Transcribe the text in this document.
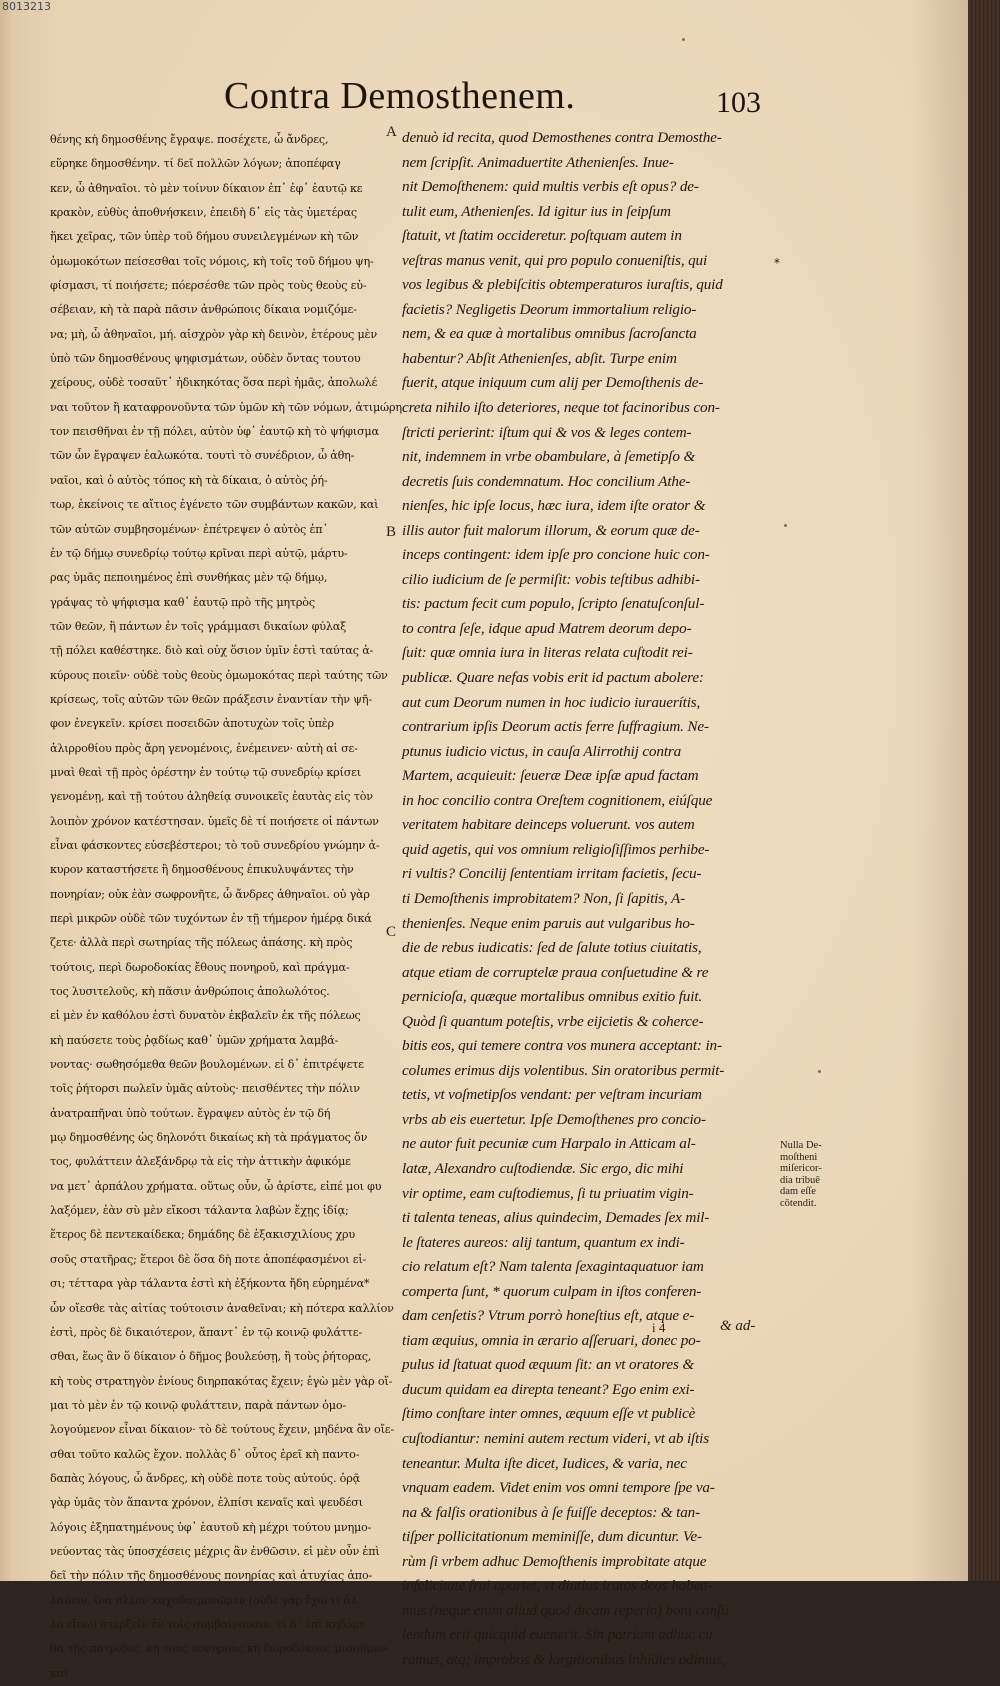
8013213
Contra Demosthenem.	103
θένης κὴ δημοσθένης ἔγραψε. ποσέχετε, ὦ ἄνδρες,
εὕρηκε δημοσθένην. τί δεῖ πολλῶν λόγων; ἀποπέφαγ
κεν, ὦ ἀθηναῖοι. τὸ μὲν τοίνυν δίκαιον ἐπ᾽ ἐφ᾽ ἑαυτῷ κε
κρακὸν, εὐθὺς ἀποθνήσκειν, ἐπειδὴ δ᾽ εἰς τὰς ὑμετέρας
ἥκει χεῖρας, τῶν ὑπὲρ τοῦ δήμου συνειλεγμένων κὴ τῶν
ὁμωμοκότων πείσεσθαι τοῖς νόμοις, κὴ τοῖς τοῦ δήμου ψη-
φίσμασι, τί ποιήσετε; πόερσέσθε τῶν πρὸς τοὺς θεοὺς εὐ-
σέβειαν, κὴ τὰ παρὰ πᾶσιν ἀνθρώποις δίκαια νομιζόμε-
να; μὴ, ὦ ἀθηναῖοι, μή. αἰσχρὸν γὰρ κὴ δεινὸν, ἑτέρους μὲν
ὑπὸ τῶν δημοσθένους ψηφισμάτων, οὐδὲν ὄντας τουτου
χείρους, οὐδὲ τοσαῦτ᾽ ἠδικηκότας ὅσα περὶ ἡμᾶς, ἀπολωλέ
ναι τοῦτον ἢ καταφρονοῦντα τῶν ὑμῶν κὴ τῶν νόμων, ἀτιμώρη
τον πεισθῆναι ἐν τῇ πόλει, αὐτὸν ὑφ᾽ ἑαυτῷ κὴ τὸ ψήφισμα
τῶν ὧν ἔγραψεν ἑαλωκότα. τουτὶ τὸ συνέδριον, ὦ ἀθη-
ναῖοι, καὶ ὁ αὐτὸς τόπος κὴ τὰ δίκαια, ὁ αὐτὸς ῥή-
τωρ, ἐκείνοις τε αἴτιος ἐγένετο τῶν συμβάντων κακῶν, καὶ
τῶν αὐτῶν συμβησομένων· ἐπέτρεψεν ὁ αὐτὸς ἐπ᾽
ἐν τῷ δήμῳ συνεδρίῳ τούτῳ κρῖναι περὶ αὐτῷ, μάρτυ-
ρας ὑμᾶς πεποιημένος ἐπὶ συνθήκας μὲν τῷ δήμῳ,
γράψας τὸ ψήφισμα καθ᾽ ἑαυτῷ πρὸ τῆς μητρὸς
τῶν θεῶν, ἣ πάντων ἐν τοῖς γράμμασι δικαίων φύλαξ
τῇ πόλει καθέστηκε. διὸ καὶ οὐχ ὅσιον ὑμῖν ἐστὶ ταύτας ἀ-
κύρους ποιεῖν· οὐδὲ τοὺς θεοὺς ὀμωμοκότας περὶ ταύτης τῶν
κρίσεως, τοῖς αὐτῶν τῶν θεῶν πράξεσιν ἐναντίαν τὴν ψῆ-
φον ἐνεγκεῖν. κρίσει ποσειδῶν ἀποτυχὼν τοῖς ὑπὲρ
ἁλιρροθίου πρὸς ἄρη γενομένοις, ἐνέμεινεν· αὐτὴ αἱ σε-
μναὶ θεαὶ τῇ πρὸς ὀρέστην ἐν τούτῳ τῷ συνεδρίῳ κρίσει
γενομένῃ, καὶ τῇ τούτου ἀληθείᾳ συνοικεῖς ἑαυτὰς εἰς τὸν
λοιπὸν χρόνον κατέστησαν. ὑμεῖς δὲ τί ποιήσετε οἱ πάντων
εἶναι φάσκοντες εὐσεβέστεροι; τὸ τοῦ συνεδρίου γνώμην ἀ-
κυρον καταστήσετε ἢ δημοσθένους ἐπικυλυψάντες τὴν
πονηρίαν; οὐκ ἐὰν σωφρονῆτε, ὦ ἄνδρες ἀθηναῖοι. οὐ γὰρ
περὶ μικρῶν οὐδὲ τῶν τυχόντων ἐν τῇ τήμερον ἡμέρᾳ δικά
ζετε· ἀλλὰ περὶ σωτηρίας τῆς πόλεως ἁπάσης. κὴ πρὸς
τούτοις, περὶ δωροδοκίας ἔθους πονηροῦ, καὶ πράγμα-
τος λυσιτελοῦς, κὴ πᾶσιν ἀνθρώποις ἀπολωλότος.
εἰ μὲν ἐν καθόλου ἐστὶ δυνατὸν ἐκβαλεῖν ἐκ τῆς πόλεως
κὴ παύσετε τοὺς ῥᾳδίως καθ᾽ ὑμῶν χρήματα λαμβά-
νοντας· σωθησόμεθα θεῶν βουλομένων. εἰ δ᾽ ἐπιτρέψετε
τοῖς ῥήτορσι πωλεῖν ὑμᾶς αὐτοὺς· πεισθέντες τὴν πόλιν
ἀνατραπῆναι ὑπὸ τούτων. ἔγραψεν αὐτὸς ἐν τῷ δή
μῳ δημοσθένης ὡς δηλονότι δικαίως κὴ τὰ πράγματος ὄν
τος, φυλάττειν ἀλεξάνδρῳ τὰ εἰς τὴν ἀττικὴν ἀφικόμε
να μετ᾽ ἁρπάλου χρήματα. οὕτως οὖν, ὦ ἀρίστε, εἰπέ μοι φυ
λαξόμεν, ἐὰν σὺ μὲν εἴκοσι τάλαντα λαβὼν ἔχῃς ἰδίᾳ;
ἕτερος δὲ πεντεκαίδεκα; δημάδης δὲ ἑξακισχιλίους χρυ
σοῦς στατῆρας; ἕτεροι δὲ ὅσα δὴ ποτε ἀποπέφασμένοι εἰ-
σι; τέτταρα γὰρ τάλαντα ἐστὶ κὴ ἑξήκοντα ἤδη εὑρημένα*
ὧν οἴεσθε τὰς αἰτίας τούτοισιν ἀναθεῖναι; κὴ πότερα καλλίον
ἐστὶ, πρὸς δὲ δικαιότερον, ἅπαντ᾽ ἐν τῷ κοινῷ φυλάττε-
σθαι, ἕως ἂν ὅ δίκαιον ὁ δῆμος βουλεύσῃ, ἢ τοὺς ῥήτορας,
κὴ τοὺς στρατηγὸν ἐνίους διηρπακότας ἔχειν; ἐγὼ μὲν γὰρ οἴ-
μαι τὸ μὲν ἐν τῷ κοινῷ φυλάττειν, παρὰ πάντων ὁμο-
λογούμενον εἶναι δίκαιον· τὸ δὲ τούτους ἔχειν, μηδένα ἂν οἴε-
σθαι τοῦτο καλῶς ἔχον. πολλὰς δ᾽ οὗτος ἐρεῖ κὴ παντο-
δαπὰς λόγους, ὦ ἄνδρες, κὴ οὐδὲ ποτε τοὺς αὐτούς. ὁρᾷ
γὰρ ὑμᾶς τὸν ἅπαντα χρόνον, ἐλπίσι κεναῖς καὶ ψευδέσι
λόγοις ἐξηπατημένους ὑφ᾽ ἑαυτοῦ κὴ μέχρι τούτου μνημο-
νεύοντας τὰς ὑποσχέσεις μέχρις ἂν ἐνθῶσιν. εἰ μὲν οὖν ἐπὶ
δεῖ τὴν πόλιν τῆς δημοσθένους πονηρίας καὶ ἀτυχίας ἀπο-
λαύειν, ἵνα πλέον καχοδαιμονῶμεν (οὐδὲ γὰρ ἔχω τί ἄλ
λο εἴπω) στερξεῖν ἐν τοῖς συμβαίνουσιν. εἰ δ᾽ ἐπὶ κηδόμε
θα τῆς πατρίδος, κὴ τοὺς πονηροὺς κὴ δωροδόκους μισοῦμεν·
καὶ
denuò id recita, quod Demosthenes contra Demosthe-
nem ſcripſit. Animaduertite Athenienſes. Inue-
nit Demoſthenem: quid multis verbis eſt opus? de-
tulit eum, Athenienſes. Id igitur ius in ſeipſum
ſtatuit, vt ſtatim occideretur. poſtquam autem in
veſtras manus venit, qui pro populo conueniſtis, qui
vos legibus & plebiſcitis obtemperaturos iuraſtis, quid
facietis? Negligetis Deorum immortalium religio-
nem, & ea quæ à mortalibus omnibus ſacroſancta
habentur? Abſit Athenienſes, abſit. Turpe enim
fuerit, atque iniquum cum alij per Demoſthenis de-
creta nihilo iſto deteriores, neque tot facinoribus con-
ſtricti perierint: iſtum qui & vos & leges contem-
nit, indemnem in vrbe obambulare, à ſemetipſo &
decretis ſuis condemnatum. Hoc concilium Athe-
nienſes, hic ipſe locus, hæc iura, idem iſte orator &
illis autor fuit malorum illorum, & eorum quæ de-
inceps contingent: idem ipſe pro concione huic con-
cilio iudicium de ſe permiſit: vobis teſtibus adhibi-
tis: pactum fecit cum populo, ſcripto ſenatuſconſul-
to contra ſeſe, idque apud Matrem deorum depo-
ſuit: quæ omnia iura in literas relata cuſtodit rei-
publicæ. Quare nefas vobis erit id pactum abolere:
aut cum Deorum numen in hoc iudicio iurauerítis,
contrarium ipſis Deorum actis ferre ſuffragium. Ne-
ptunus iudicio victus, in cauſa Alirrothij contra
Martem, acquieuit: ſeueræ Deæ ipſæ apud factam
in hoc concilio contra Oreſtem cognitionem, eiúſque
veritatem habitare deinceps voluerunt. vos autem
quid agetis, qui vos omnium religioſiſſimos perhibe-
ri vultis? Concilij ſententiam irritam facietis, ſecu-
ti Demoſthenis improbitatem? Non, ſi ſapitis, A-
thenienſes. Neque enim paruis aut vulgaribus ho-
die de rebus iudicatis: ſed de ſalute totius ciuitatis,
atque etiam de corruptelæ praua conſuetudine & re
pernicioſa, quæque mortalibus omnibus exitio fuit.
Quòd ſi quantum poteſtis, vrbe eijcietis & coherce-
bitis eos, qui temere contra vos munera acceptant: in-
columes erimus dijs volentibus. Sin oratoribus permit-
tetis, vt voſmetipſos vendant: per veſtram incuriam
vrbs ab eis euertetur. Ipſe Demoſthenes pro concio-
ne autor fuit pecuniæ cum Harpalo in Atticam al-
latæ, Alexandro cuſtodiendæ. Sic ergo, dic mihi
vir optime, eam cuſtodiemus, ſi tu priuatim vigin-
ti talenta teneas, alius quindecim, Demades ſex mil-
le ſtateres aureos: alij tantum, quantum ex indi-
cio relatum eſt? Nam talenta ſexagintaquatuor iam
comperta ſunt, * quorum culpam in iſtos conferen-
dam cenſetis? Vtrum porrò honeſtius eſt, atque e-
tiam æquius, omnia in ærario aſſeruari, donec po-
pulus id ſtatuat quod æquum ſit: an vt oratores &
ducum quidam ea direpta teneant? Ego enim exi-
ſtimo conſtare inter omnes, æquum eſſe vt publicè
cuſtodiantur: nemini autem rectum videri, vt ab iſtis
teneantur. Multa iſte dicet, Iudices, & varia, nec
vnquam eadem. Videt enim vos omni tempore ſpe va-
na & falſis orationibus à ſe fuiſſe deceptos: & tan-
tiſper pollicitationum meminiſſe, dum dicuntur. Ve-
rùm ſi vrbem adhuc Demoſthenis improbitate atque
infelicitate frui oportet, vt diutius iratos deos habea-
mus (neque enim aliud quod dicam reperio) boni conſu
lendum erit quicquid euenerit. Sin patriam adhuc cu
ramus, atq; improbos & largitionibus inhiātes odimus,
A
B
C
*
Nulla De-
moſtheni
miſericor-
dia tribuē
dam eſſe
cōtendit.
i 4	& ad-
